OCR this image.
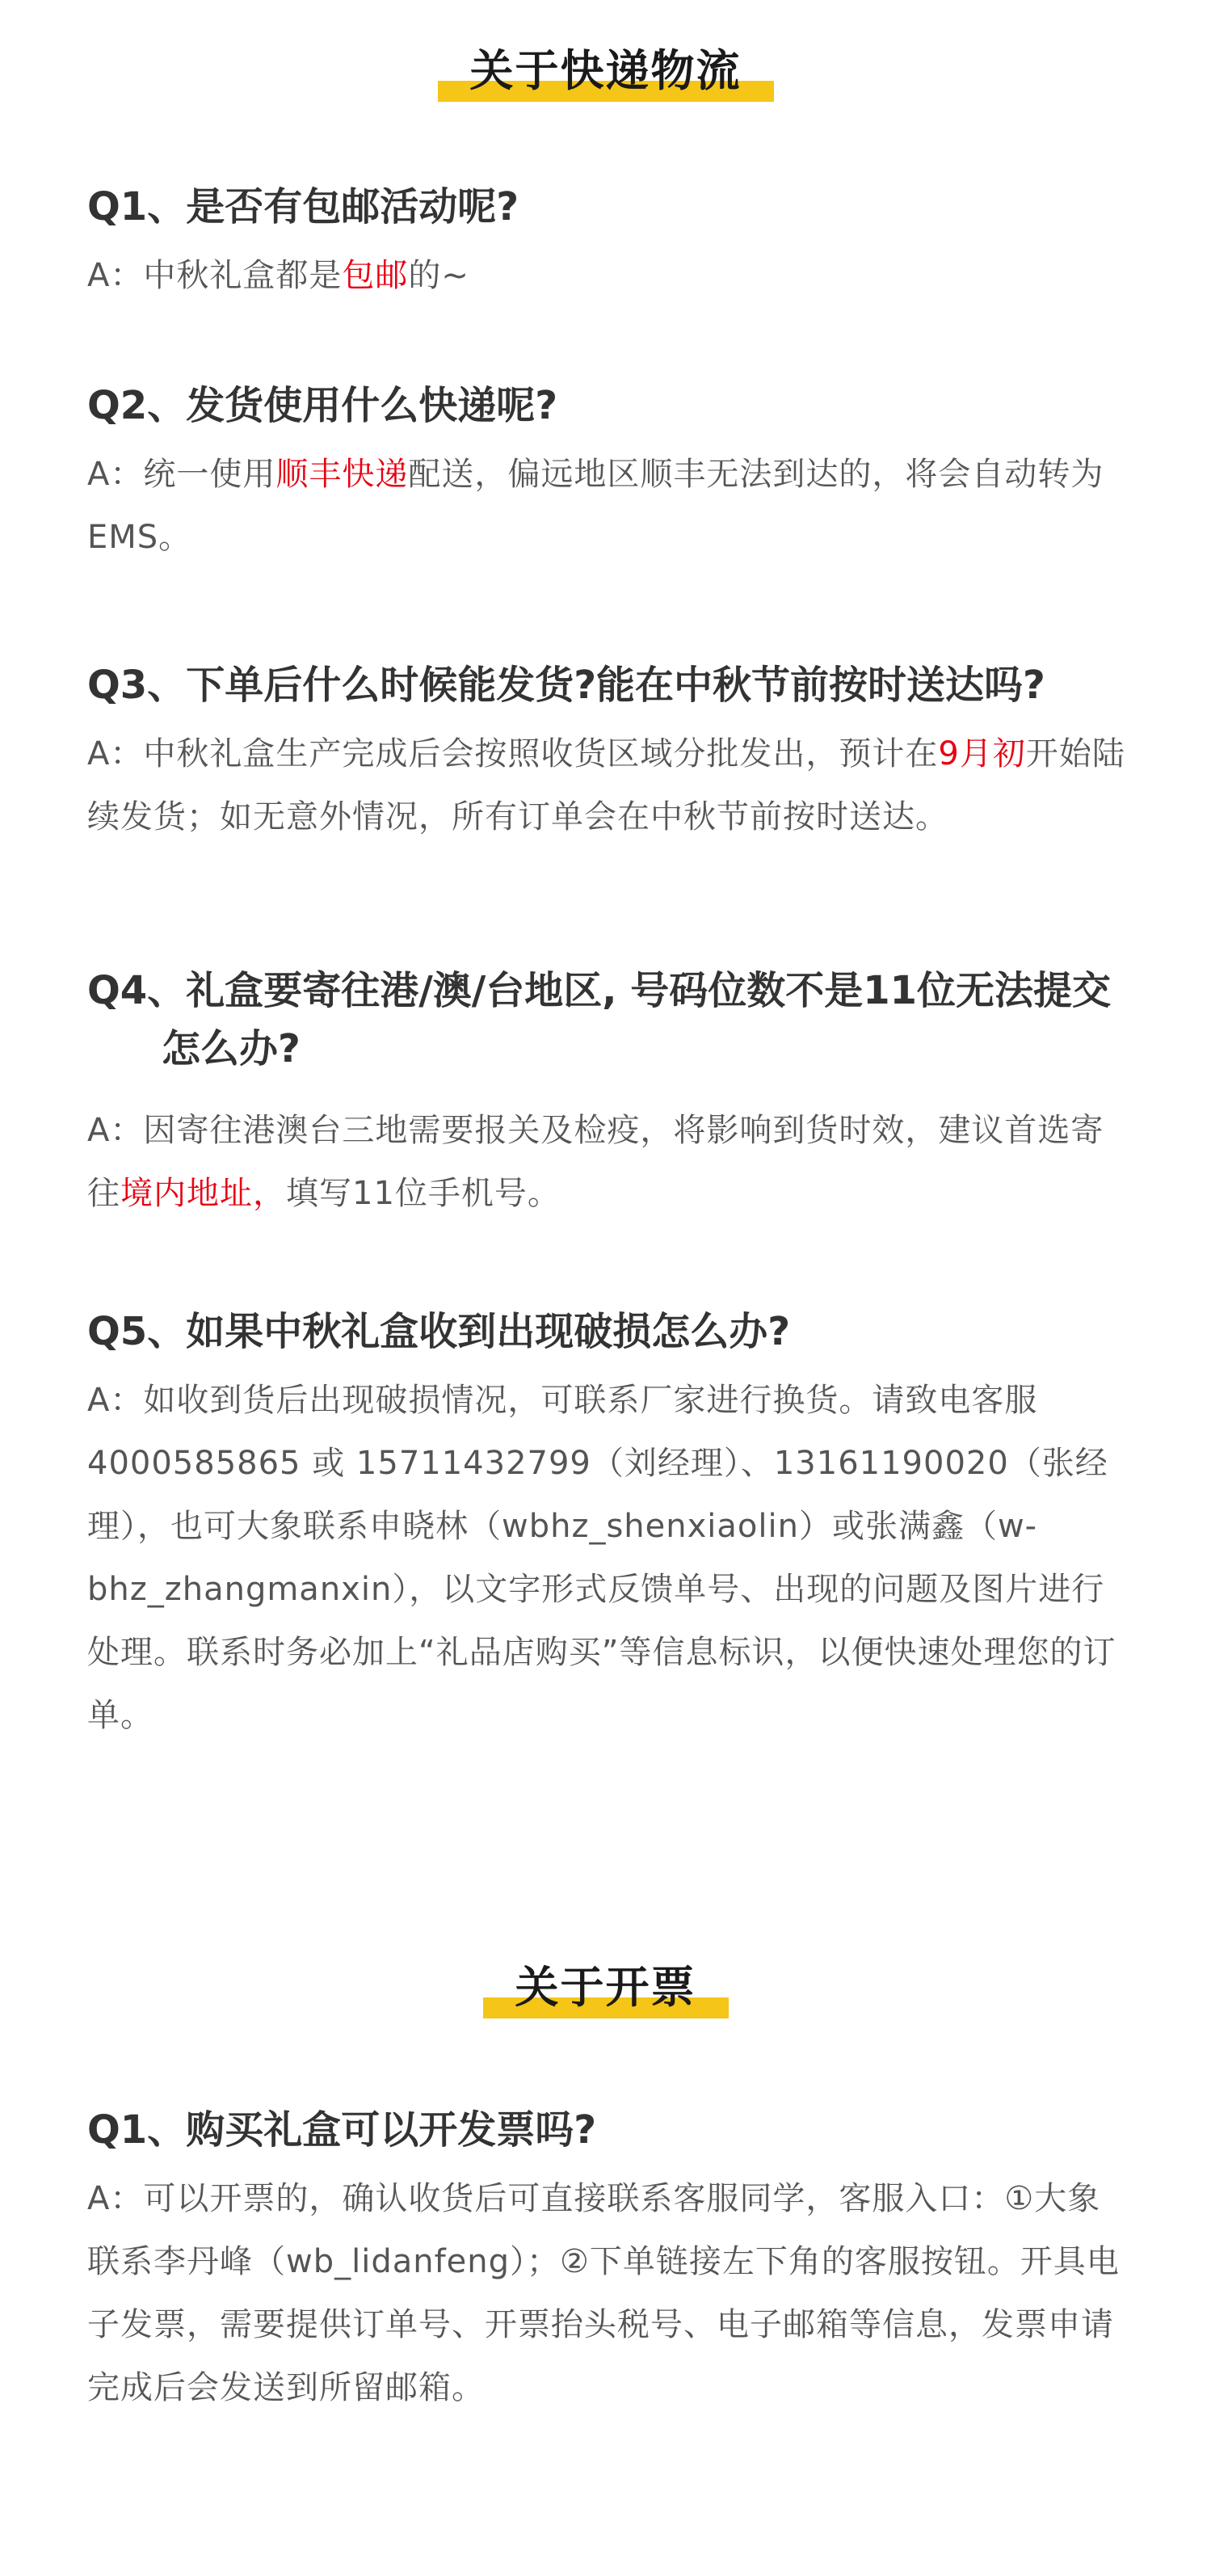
关于快递物流

Q1、是否有包邮活动呢?

A：中秋礼盒都是包邮的~

Q2、发货使用什么快递呢?

A：统一使用顺丰快递配送，偏远地区顺丰无法到达的，将会自动转为EMS。

Q3、下单后什么时候能发货?能在中秋节前按时送达吗?

A：中秋礼盒生产完成后会按照收货区域分批发出，预计在9月初开始陆续发货；如无意外情况，所有订单会在中秋节前按时送达。

Q4、礼盒要寄往港/澳/台地区, 号码位数不是11位无法提交怎么办?

A：因寄往港澳台三地需要报关及检疫，将影响到货时效，建议首选寄往境内地址，填写11位手机号。

Q5、如果中秋礼盒收到出现破损怎么办?

A：如收到货后出现破损情况，可联系厂家进行换货。请致电客服4000585865 或 15711432799（刘经理）、13161190020（张经理），也可大象联系申晓林（wbhz_shenxiaolin）或张满鑫（w-bhz_zhangmanxin），以文字形式反馈单号、出现的问题及图片进行处理。联系时务必加上“礼品店购买”等信息标识，以便快速处理您的订单。

关于开票

Q1、购买礼盒可以开发票吗?

A：可以开票的，确认收货后可直接联系客服同学，客服入口：①大象联系李丹峰（wb_lidanfeng）；②下单链接左下角的客服按钮。开具电子发票，需要提供订单号、开票抬头税号、电子邮箱等信息，发票申请完成后会发送到所留邮箱。
